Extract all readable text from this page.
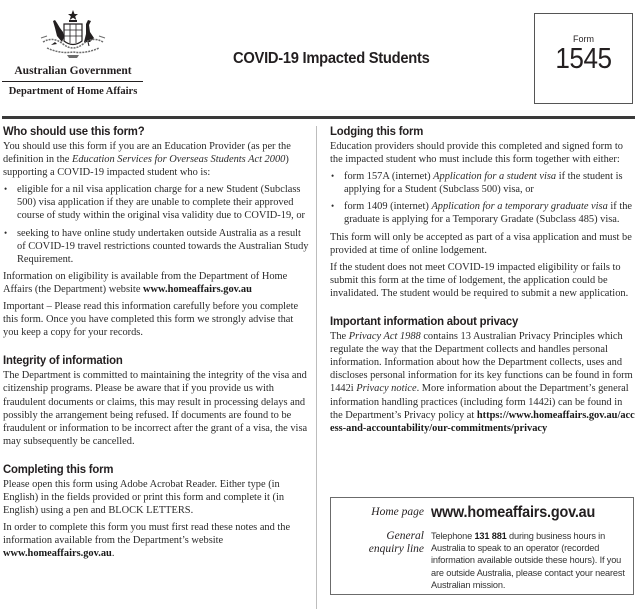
Australian Government
Department of Home Affairs
COVID-19 Impacted Students
Form
1545
Who should use this form?

You should use this form if you are an Education Provider (as per the definition in the Education Services for Overseas Students Act 2000) supporting a COVID-19 impacted student who is:

• eligible for a nil visa application charge for a new Student (Subclass 500) visa application if they are unable to complete their approved course of study within the original visa validity due to COVID-19, or
• seeking to have online study undertaken outside Australia as a result of COVID-19 travel restrictions counted towards the Australian Study Requirement.

Information on eligibility is available from the Department of Home Affairs (the Department) website www.homeaffairs.gov.au

Important – Please read this information carefully before you complete this form. Once you have completed this form we strongly advise that you keep a copy for your records.

Integrity of information

The Department is committed to maintaining the integrity of the visa and citizenship programs. Please be aware that if you provide us with fraudulent documents or claims, this may result in processing delays and possibly the arrangement being refused. If documents are found to be fraudulent or information to be incorrect after the grant of a visa, the visa may subsequently be cancelled.

Completing this form

Please open this form using Adobe Acrobat Reader. Either type (in English) in the fields provided or print this form and complete it (in English) using a pen and BLOCK LETTERS.

In order to complete this form you must first read these notes and the information available from the Department’s website www.homeaffairs.gov.au.

Lodging this form

Education providers should provide this completed and signed form to the impacted student who must include this form together with either:

• form 157A (internet) Application for a student visa if the student is applying for a Student (Subclass 500) visa, or
• form 1409 (internet) Application for a temporary graduate visa if the graduate is applying for a Temporary Gradate (Subclass 485) visa.

This form will only be accepted as part of a visa application and must be provided at time of online lodgement.

If the student does not meet COVID-19 impacted eligibility or fails to submit this form at the time of lodgement, the application could be invalidated. The student would be required to submit a new application.

Important information about privacy

The Privacy Act 1988 contains 13 Australian Privacy Principles which regulate the way that the Department collects and handles personal information. Information about how the Department collects, uses and discloses personal information for its key functions can be found in form 1442i Privacy notice. More information about the Department’s general information handling practices (including form 1442i) can be found in the Department’s Privacy policy at https://www.homeaffairs.gov.au/access-and-accountability/our-commitments/privacy

Home page www.homeaffairs.gov.au
General
enquiry line
Telephone 131 881 during business hours in Australia to speak to an operator (recorded information available outside these hours). If you are outside Australia, please contact your nearest Australian mission.
